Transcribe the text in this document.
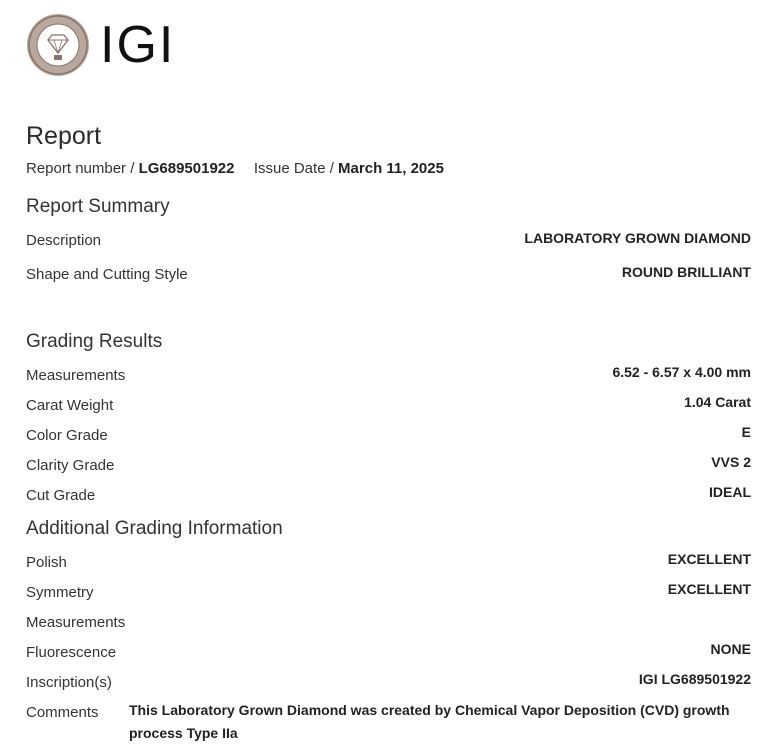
IGI
Report
Report number / LG689501922 Issue Date / March 11, 2025
Report Summary
Description	LABORATORY GROWN DIAMOND
Shape and Cutting Style	ROUND BRILLIANT
Grading Results
Measurements	6.52 - 6.57 x 4.00 mm
Carat Weight	1.04 Carat
Color Grade	E
Clarity Grade	VVS 2
Cut Grade	IDEAL
Additional Grading Information
Polish	EXCELLENT
Symmetry	EXCELLENT
Measurements
Fluorescence	NONE
Inscription(s)	IGI LG689501922
Comments This Laboratory Grown Diamond was created by Chemical Vapor Deposition (CVD) growth process Type IIa
